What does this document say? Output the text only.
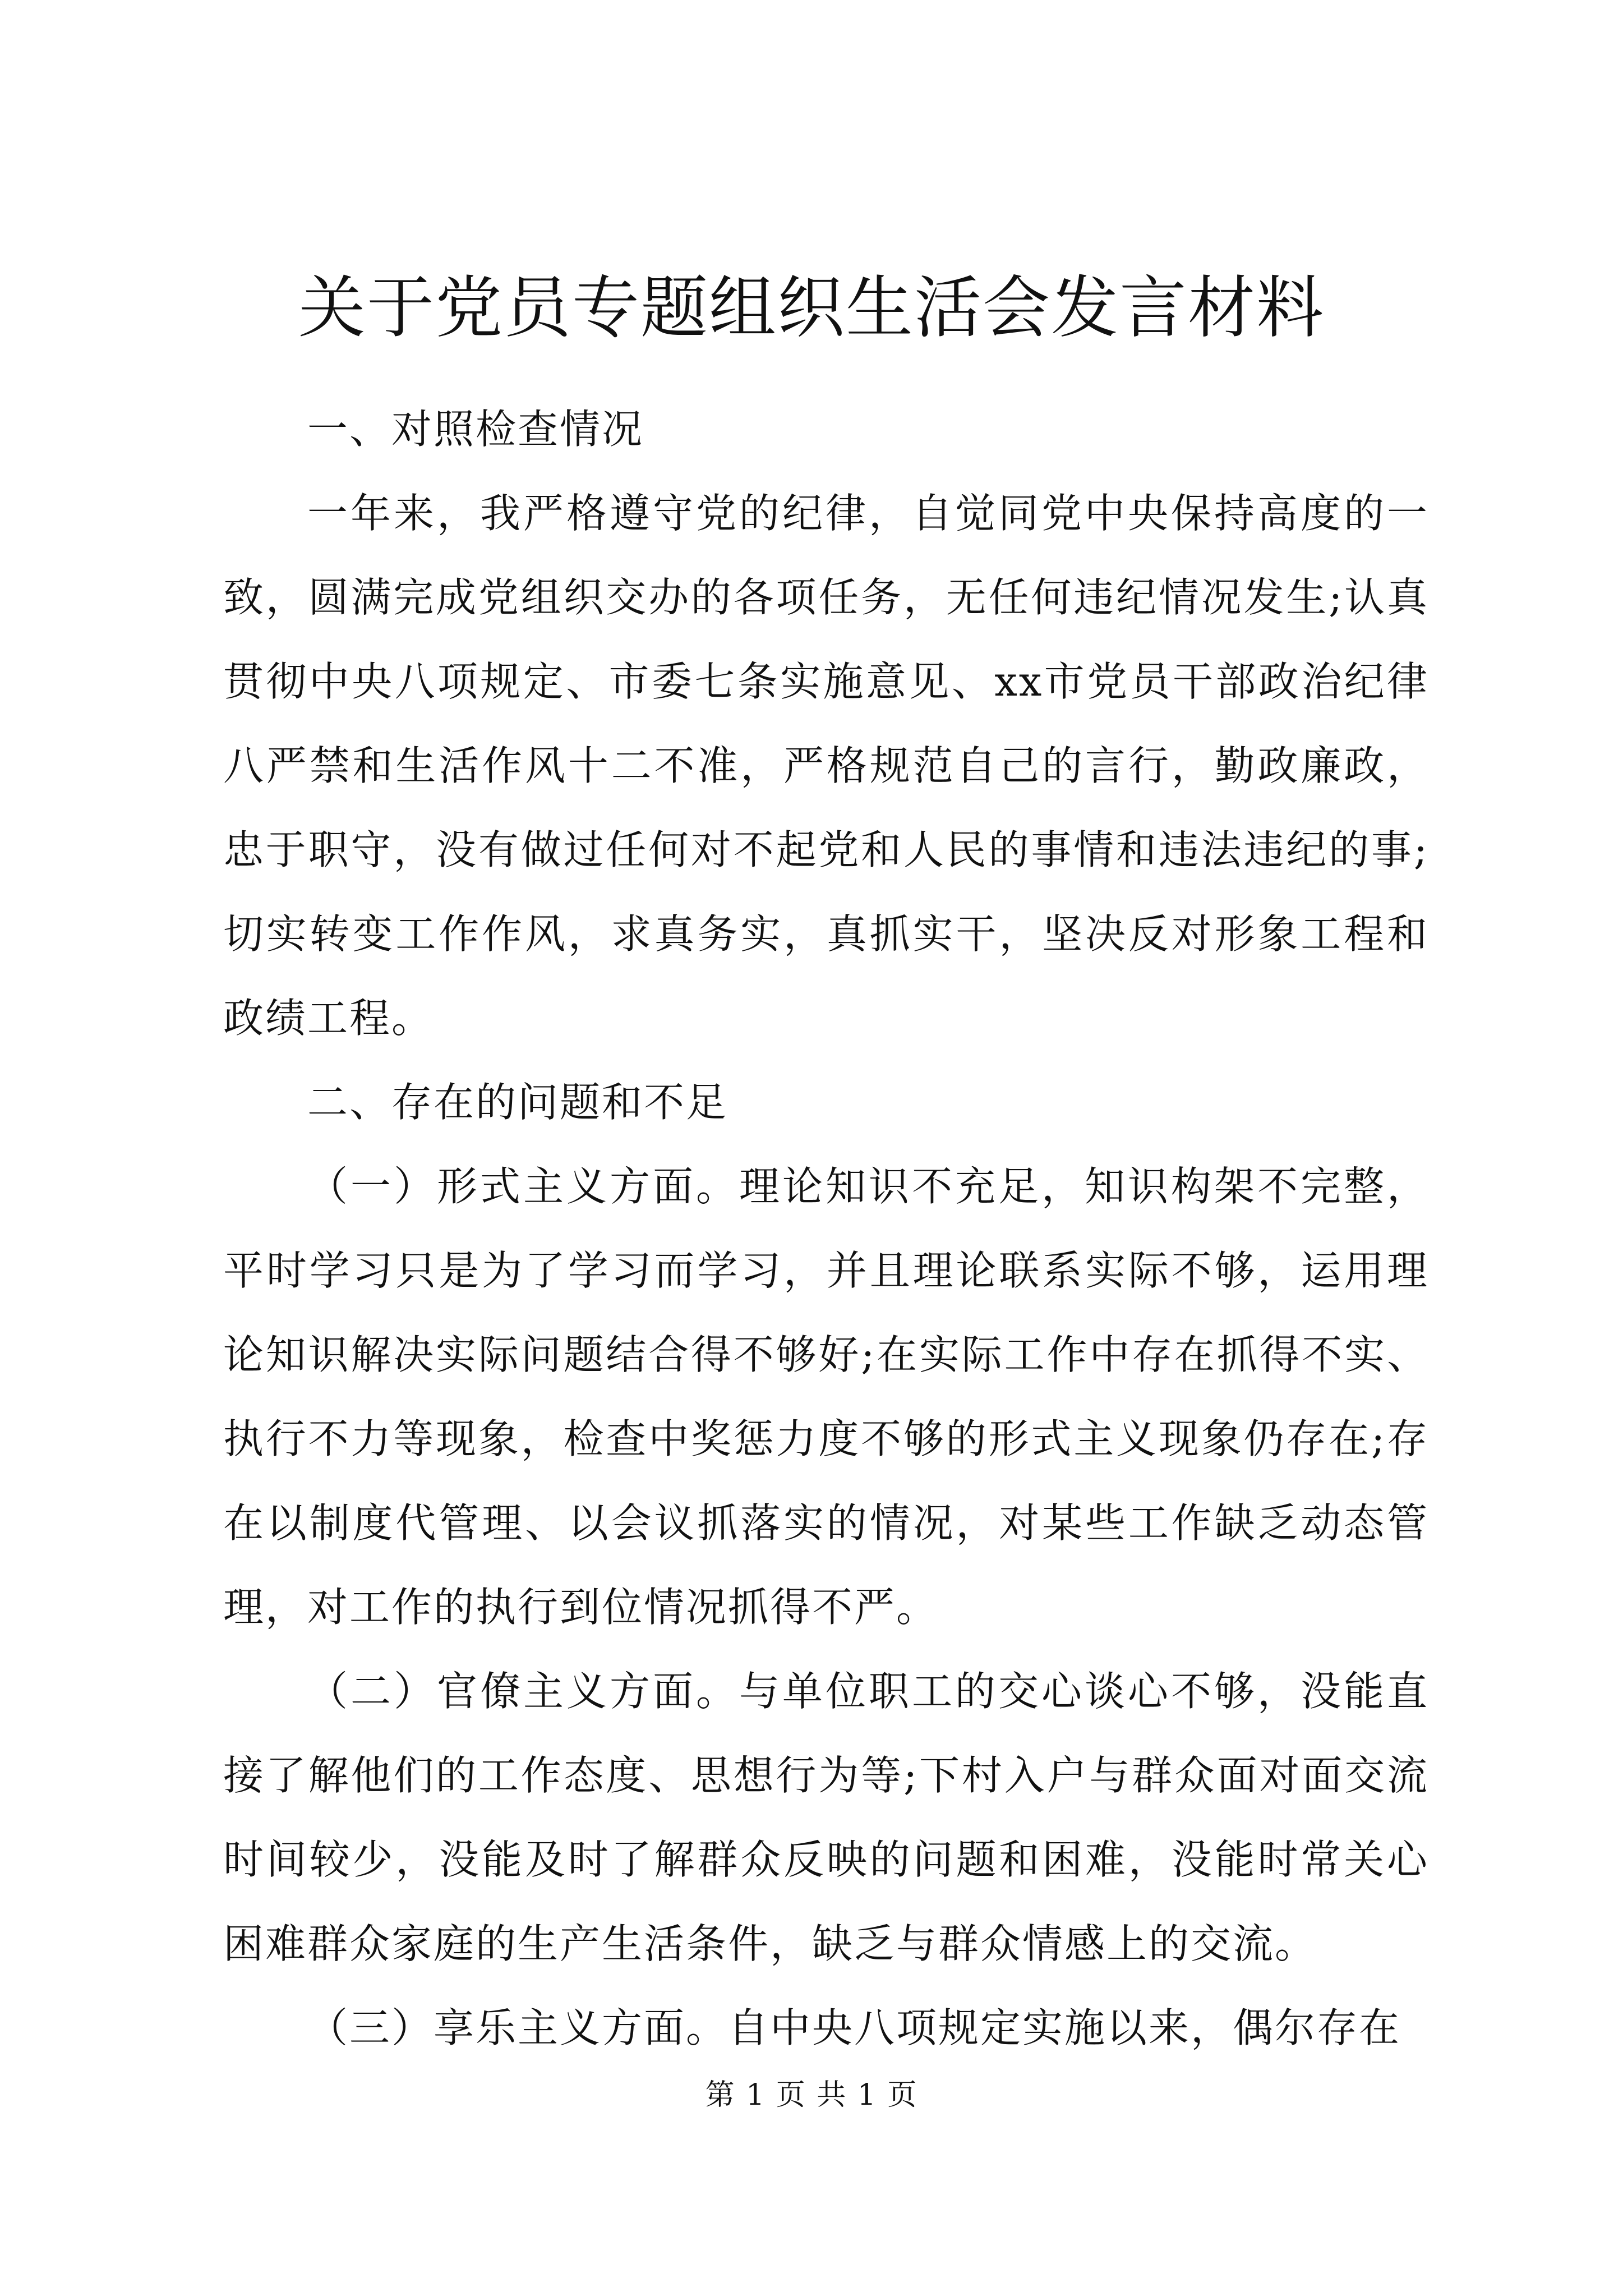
关于党员专题组织生活会发言材料

一、对照检查情况

一年来，我严格遵守党的纪律，自觉同党中央保持高度的一致，圆满完成党组织交办的各项任务，无任何违纪情况发生;认真贯彻中央八项规定、市委七条实施意见、xx市党员干部政治纪律八严禁和生活作风十二不准，严格规范自己的言行，勤政廉政，忠于职守，没有做过任何对不起党和人民的事情和违法违纪的事;切实转变工作作风，求真务实，真抓实干，坚决反对形象工程和政绩工程。

二、存在的问题和不足

（一）形式主义方面。理论知识不充足，知识构架不完整，平时学习只是为了学习而学习，并且理论联系实际不够，运用理论知识解决实际问题结合得不够好;在实际工作中存在抓得不实、执行不力等现象，检查中奖惩力度不够的形式主义现象仍存在;存在以制度代管理、以会议抓落实的情况，对某些工作缺乏动态管理，对工作的执行到位情况抓得不严。

（二）官僚主义方面。与单位职工的交心谈心不够，没能直接了解他们的工作态度、思想行为等;下村入户与群众面对面交流时间较少，没能及时了解群众反映的问题和困难，没能时常关心困难群众家庭的生产生活条件，缺乏与群众情感上的交流。

（三）享乐主义方面。自中央八项规定实施以来，偶尔存在

第 1 页 共 1 页
